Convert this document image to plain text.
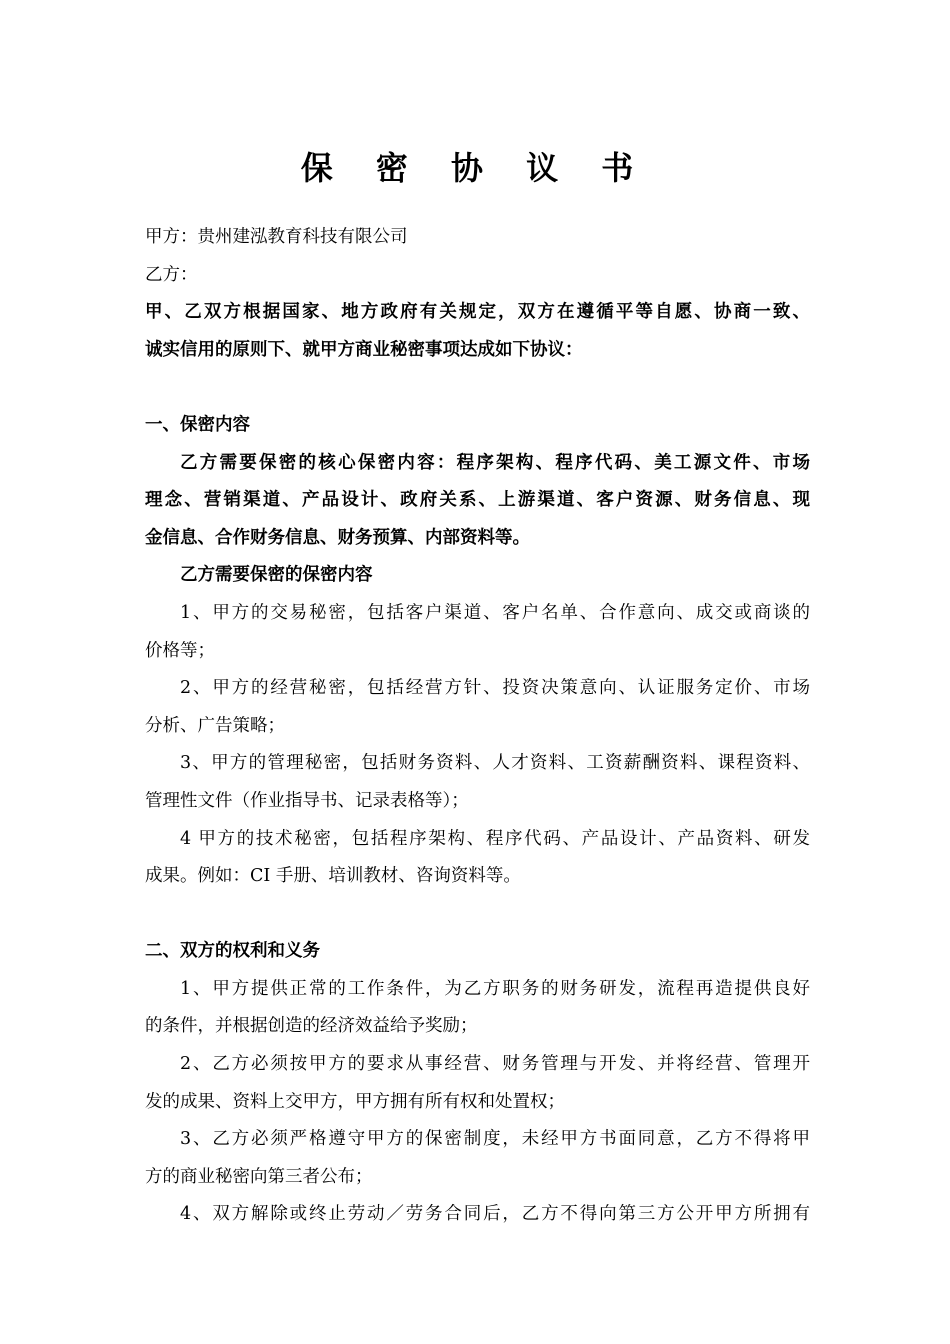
保 密 协 议 书
甲方：贵州建泓教育科技有限公司
乙方：
甲、乙双方根据国家、地方政府有关规定，双方在遵循平等自愿、协商一致、
诚实信用的原则下、就甲方商业秘密事项达成如下协议：
一、保密内容
乙方需要保密的核心保密内容：程序架构、程序代码、美工源文件、市场
理念、营销渠道、产品设计、政府关系、上游渠道、客户资源、财务信息、现
金信息、合作财务信息、财务预算、内部资料等。
乙方需要保密的保密内容
1、甲方的交易秘密，包括客户渠道、客户名单、合作意向、成交或商谈的
价格等；
2、甲方的经营秘密，包括经营方针、投资决策意向、认证服务定价、市场
分析、广告策略；
3、甲方的管理秘密，包括财务资料、人才资料、工资薪酬资料、课程资料、
管理性文件（作业指导书、记录表格等）；
4 甲方的技术秘密，包括程序架构、程序代码、产品设计、产品资料、研发
成果。例如：CI 手册、培训教材、咨询资料等。
二、双方的权利和义务
1、甲方提供正常的工作条件，为乙方职务的财务研发，流程再造提供良好
的条件，并根据创造的经济效益给予奖励；
2、乙方必须按甲方的要求从事经营、财务管理与开发、并将经营、管理开
发的成果、资料上交甲方，甲方拥有所有权和处置权；
3、乙方必须严格遵守甲方的保密制度，未经甲方书面同意，乙方不得将甲
方的商业秘密向第三者公布；
4、双方解除或终止劳动／劳务合同后，乙方不得向第三方公开甲方所拥有
